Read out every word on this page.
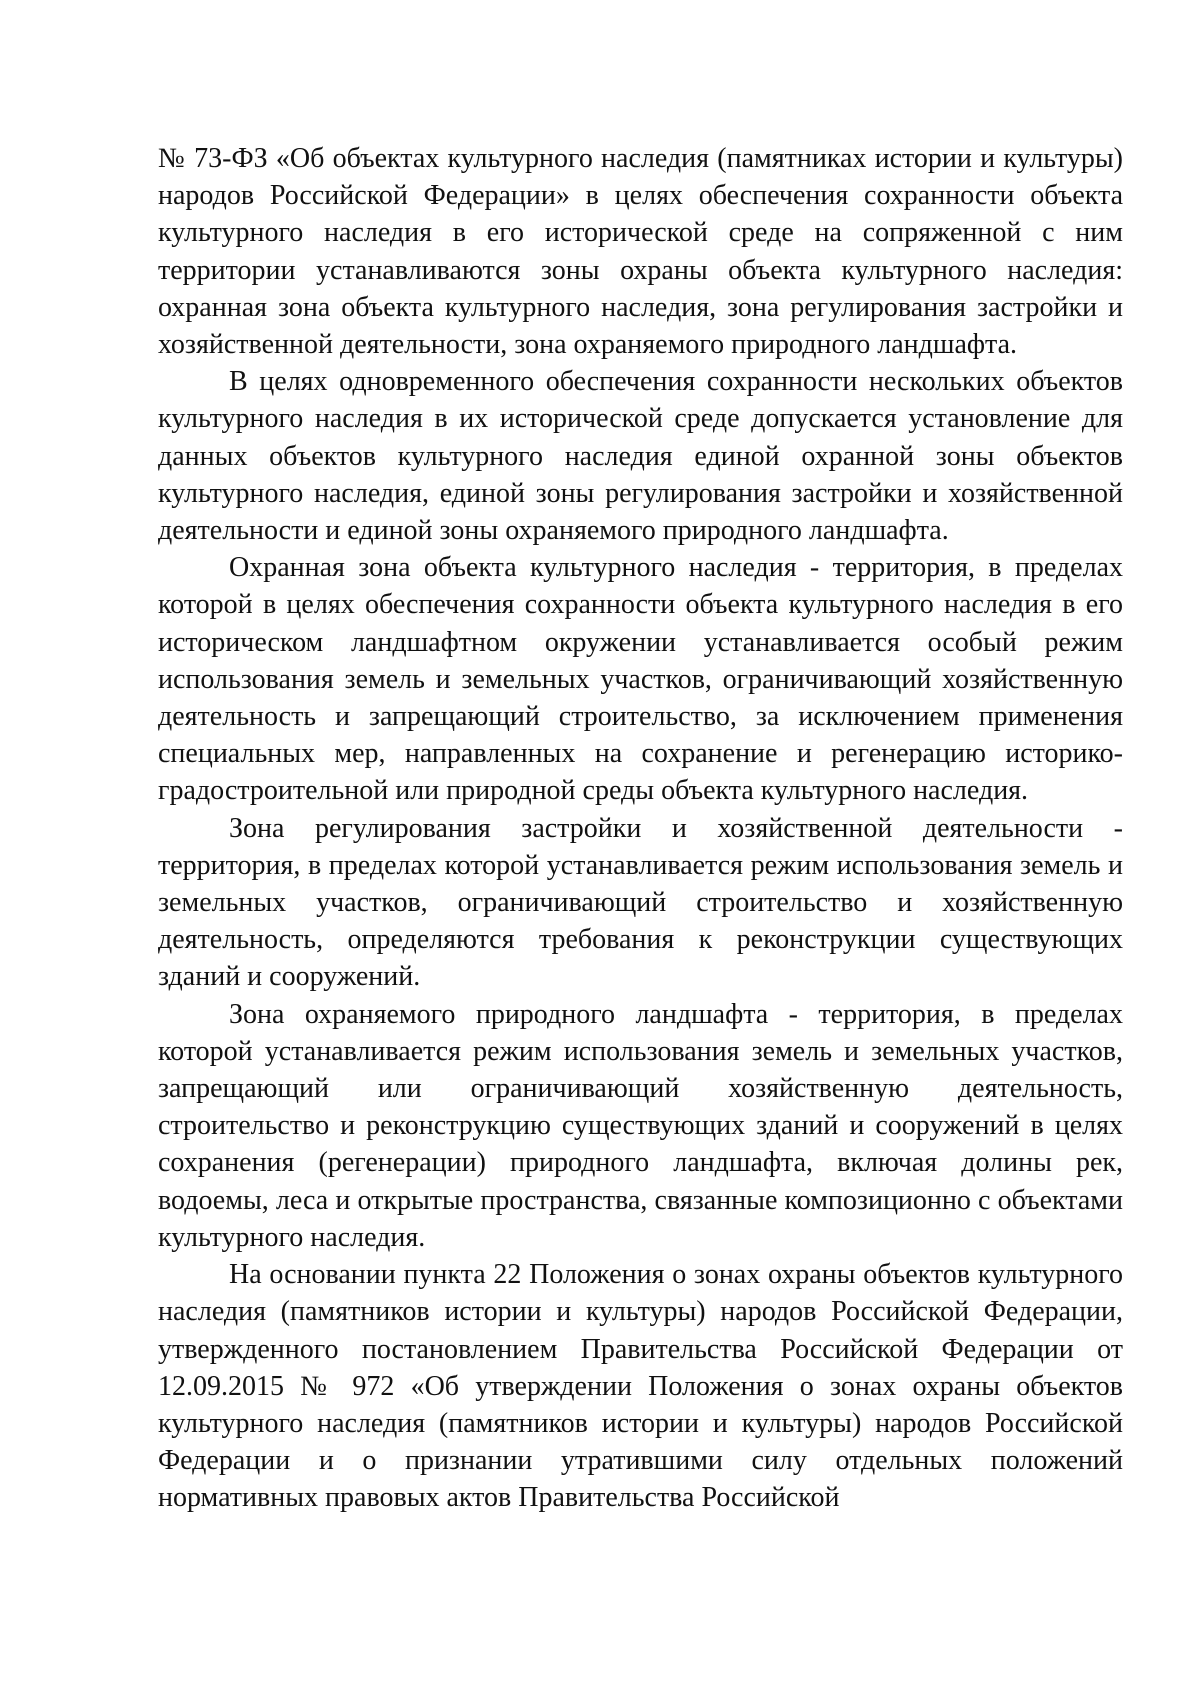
№ 73-ФЗ «Об объектах культурного наследия (памятниках истории и культуры) народов Российской Федерации» в целях обеспечения сохранности объекта культурного наследия в его исторической среде на сопряженной с ним территории устанавливаются зоны охраны объекта культурного наследия: охранная зона объекта культурного наследия, зона регулирования застройки и хозяйственной деятельности, зона охраняемого природного ландшафта.

В целях одновременного обеспечения сохранности нескольких объектов культурного наследия в их исторической среде допускается установление для данных объектов культурного наследия единой охранной зоны объектов культурного наследия, единой зоны регулирования застройки и хозяйственной деятельности и единой зоны охраняемого природного ландшафта.

Охранная зона объекта культурного наследия - территория, в пределах которой в целях обеспечения сохранности объекта культурного наследия в его историческом ландшафтном окружении устанавливается особый режим использования земель и земельных участков, ограничивающий хозяйственную деятельность и запрещающий строительство, за исключением применения специальных мер, направленных на сохранение и регенерацию историко-градостроительной или природной среды объекта культурного наследия.

Зона регулирования застройки и хозяйственной деятельности - территория, в пределах которой устанавливается режим использования земель и земельных участков, ограничивающий строительство и хозяйственную деятельность, определяются требования к реконструкции существующих зданий и сооружений.

Зона охраняемого природного ландшафта - территория, в пределах которой устанавливается режим использования земель и земельных участков, запрещающий или ограничивающий хозяйственную деятельность, строительство и реконструкцию существующих зданий и сооружений в целях сохранения (регенерации) природного ландшафта, включая долины рек, водоемы, леса и открытые пространства, связанные композиционно с объектами культурного наследия.

На основании пункта 22 Положения о зонах охраны объектов культурного наследия (памятников истории и культуры) народов Российской Федерации, утвержденного постановлением Правительства Российской Федерации от 12.09.2015 № 972 «Об утверждении Положения о зонах охраны объектов культурного наследия (памятников истории и культуры) народов Российской Федерации и о признании утратившими силу отдельных положений нормативных правовых актов Правительства Российской
